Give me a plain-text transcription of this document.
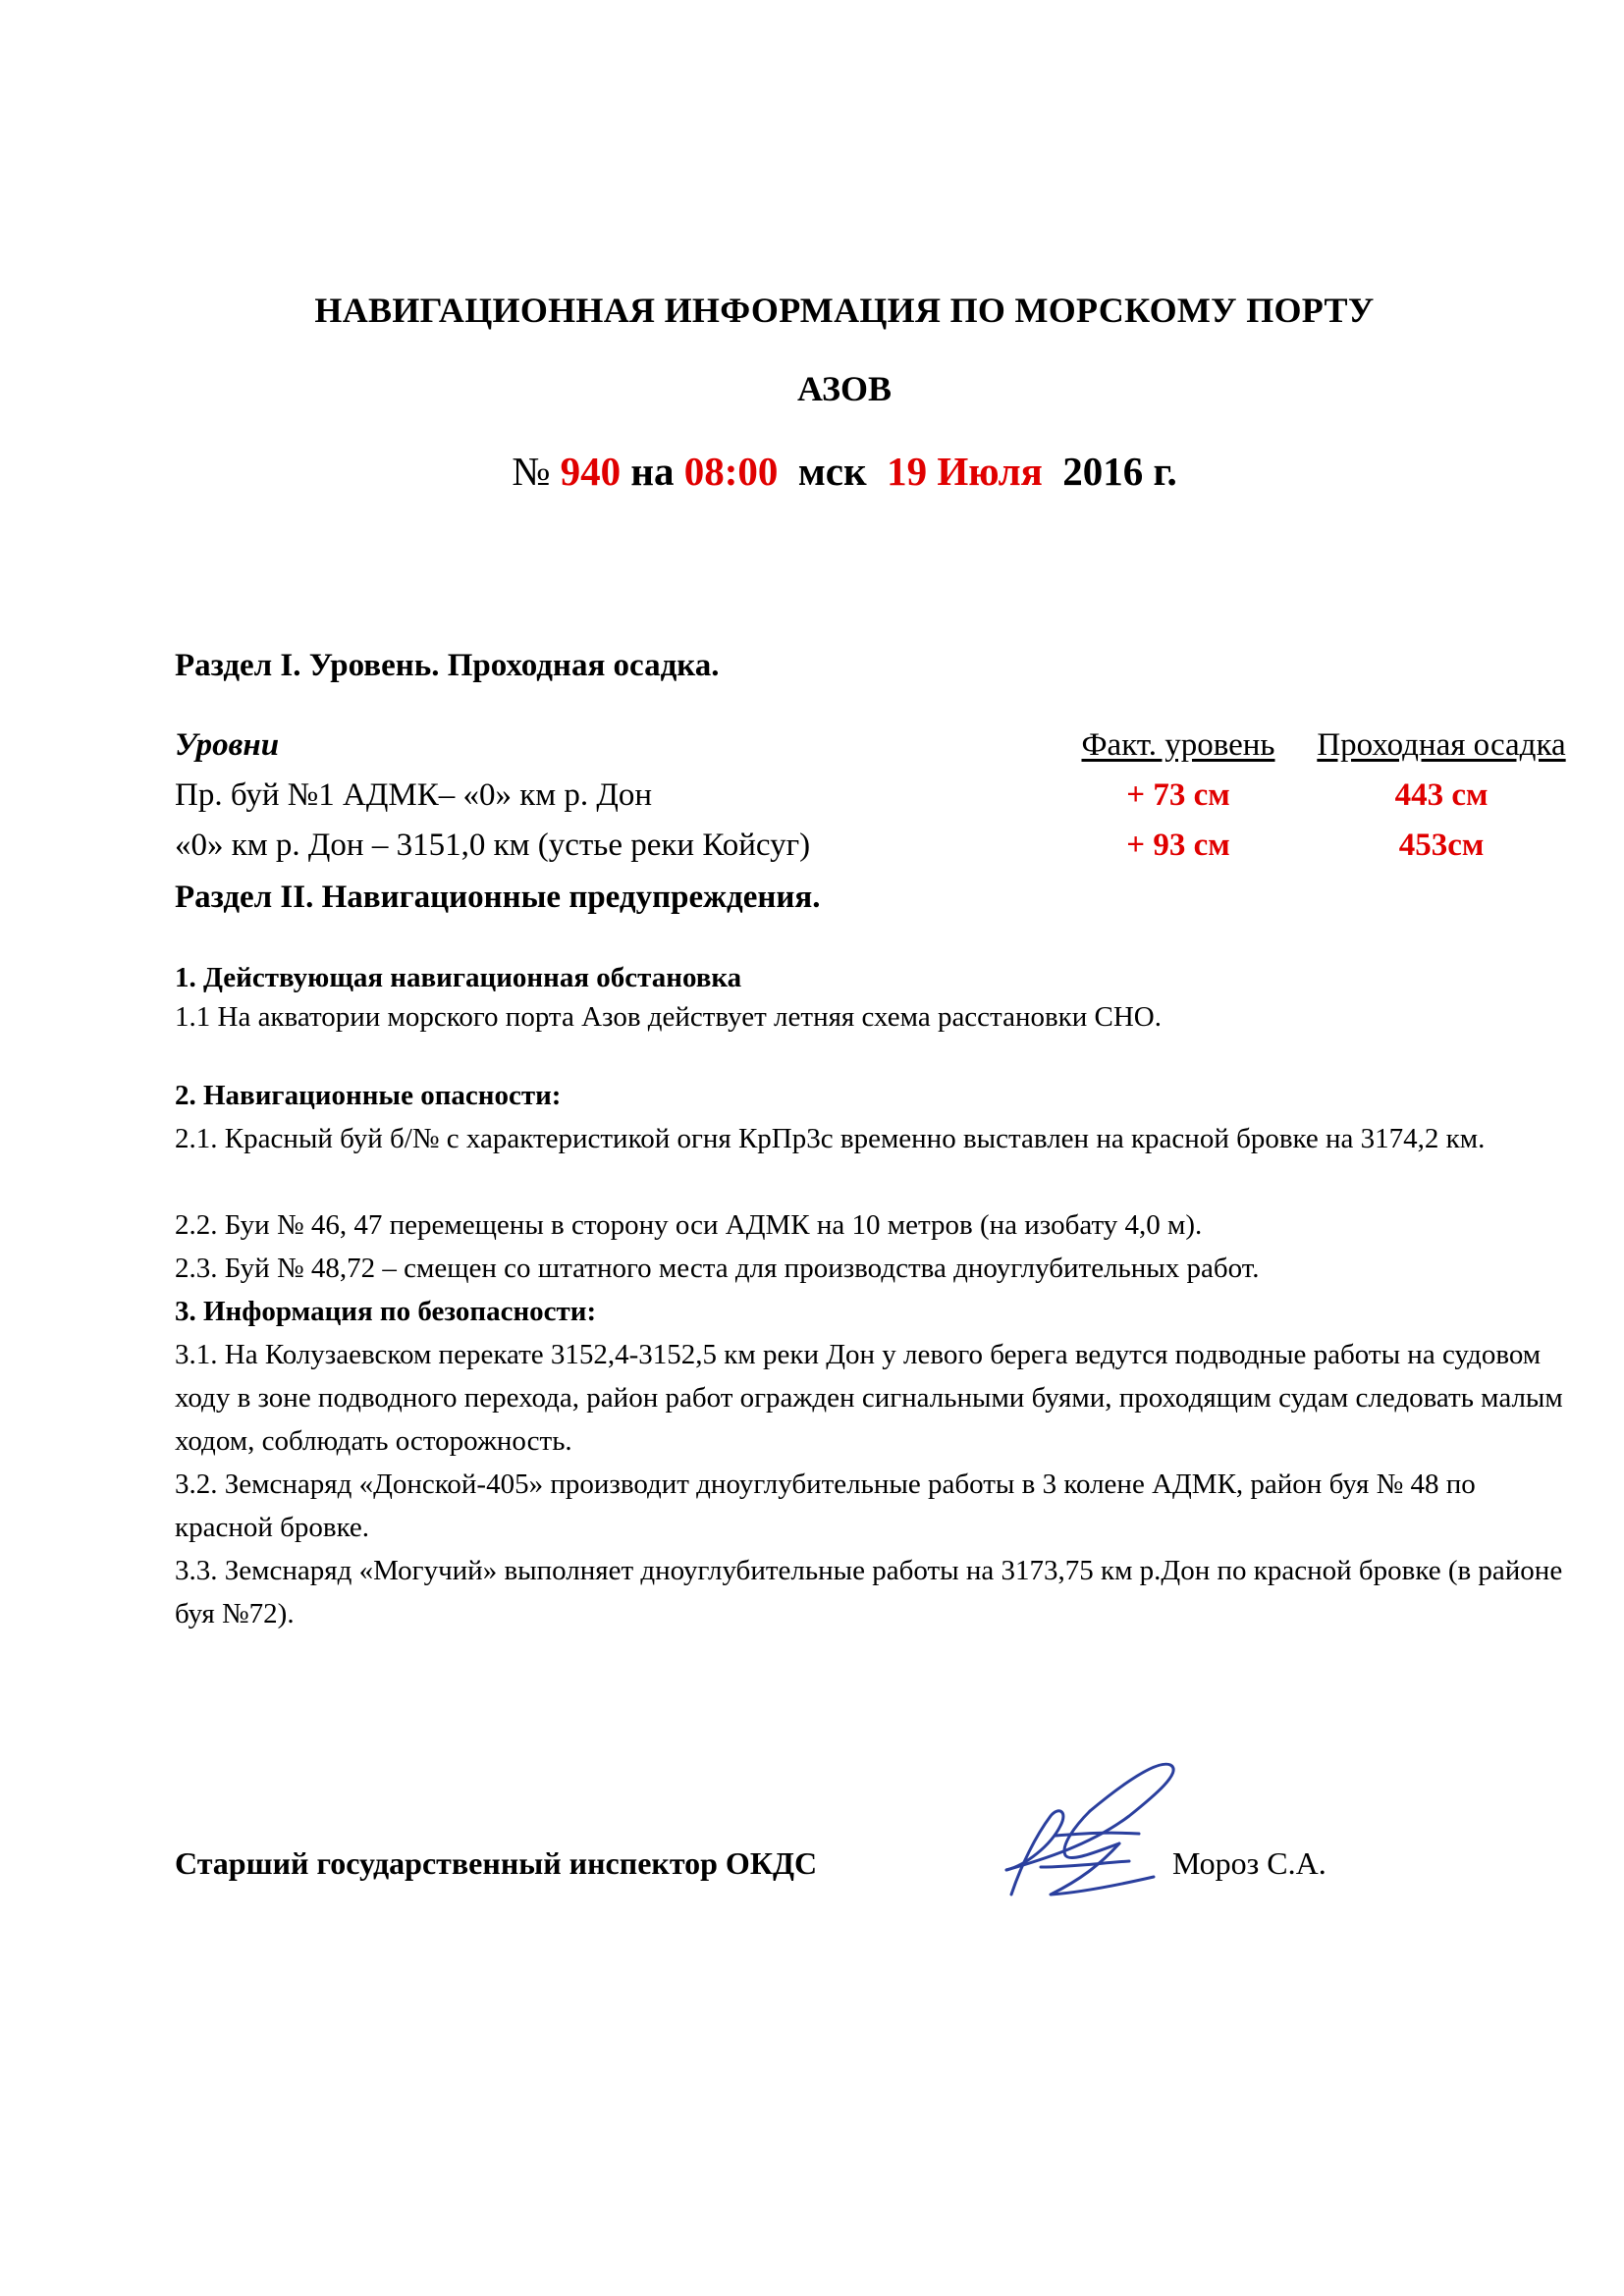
НАВИГАЦИОННАЯ ИНФОРМАЦИЯ ПО МОРСКОМУ ПОРТУ
АЗОВ
№ 940 на 08:00 мск 19 Июля 2016 г.
Раздел I. Уровень. Проходная осадка.
Уровни	Факт. уровень	Проходная осадка
Пр. буй №1 АДМК– «0» км р. Дон	+ 73 см	443 см
«0» км р. Дон – 3151,0 км (устье реки Койсуг)	+ 93 см	453см
Раздел II. Навигационные предупреждения.
1. Действующая навигационная обстановка
1.1 На акватории морского порта Азов действует летняя схема расстановки СНО.
2. Навигационные опасности:
2.1. Красный буй б/№ с характеристикой огня КрПр3с временно выставлен на красной бровке на 3174,2 км.
2.2. Буи № 46, 47 перемещены в сторону оси АДМК на 10 метров (на изобату 4,0 м).
2.3. Буй № 48,72 – смещен со штатного места для производства дноуглубительных работ.
3. Информация по безопасности:
3.1. На Колузаевском перекате 3152,4-3152,5 км реки Дон у левого берега ведутся подводные работы на судовом ходу в зоне подводного перехода, район работ огражден сигнальными буями, проходящим судам следовать малым ходом, соблюдать осторожность.
3.2. Земснаряд «Донской-405» производит дноуглубительные работы в 3 колене АДМК, район буя № 48 по красной бровке.
3.3. Земснаряд «Могучий» выполняет дноуглубительные работы на 3173,75 км р.Дон по красной бровке (в районе буя №72).
Старший государственный инспектор ОКДС	Мороз С.А.
